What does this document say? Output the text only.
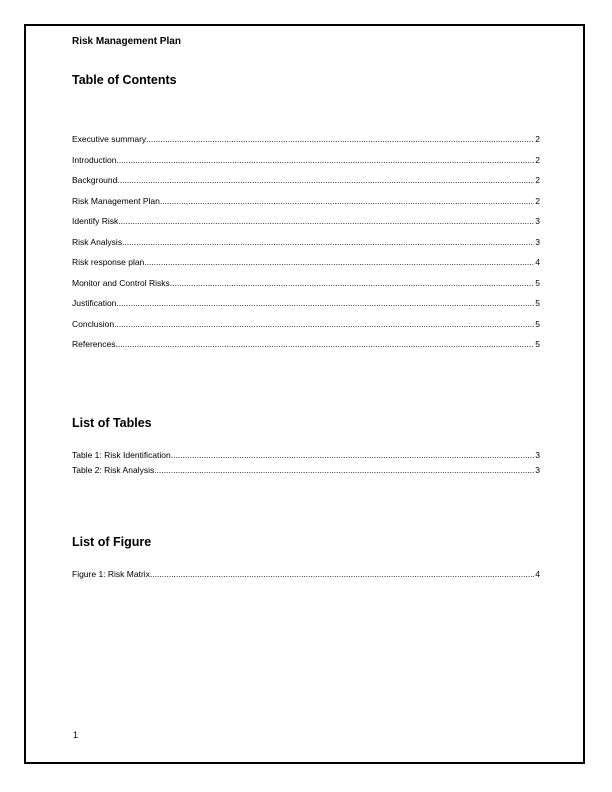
Risk Management Plan
Table of Contents
Executive summary .....	2
Introduction .....	2
Background .....	2
Risk Management Plan .....	2
Identify Risk .....	3
Risk Analysis .....	3
Risk response plan .....	4
Monitor and Control Risks .....	5
Justification .....	5
Conclusion .....	5
References .....	5
List of Tables
Table 1: Risk Identification .....	3
Table 2: Risk Analysis .....	3
List of Figure
Figure 1: Risk Matrix .....	4
1
